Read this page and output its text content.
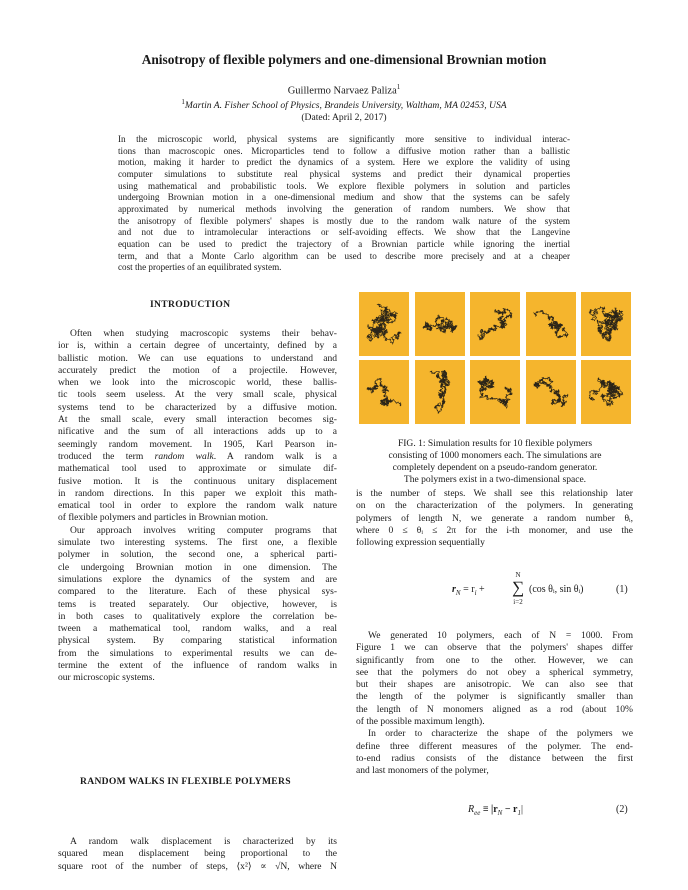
Anisotropy of flexible polymers and one-dimensional Brownian motion
Guillermo Narvaez Paliza$^1$
$^1$Martin A. Fisher School of Physics, Brandeis University, Waltham, MA 02453, USA
(Dated: April 2, 2017)
In the microscopic world, physical systems are significantly more sensitive to individual interac-
tions than macroscopic ones. Microparticles tend to follow a diffusive motion rather than a ballistic
motion, making it harder to predict the dynamics of a system. Here we explore the validity of using
computer simulations to substitute real physical systems and predict their dynamical properties
using mathematical and probabilistic tools. We explore flexible polymers in solution and particles
undergoing Brownian motion in a one-dimensional medium and show that the systems can be safely
approximated by numerical methods involving the generation of random numbers. We show that
the anisotropy of flexible polymers' shapes is mostly due to the random walk nature of the system
and not due to intramolecular interactions or self-avoiding effects. We show that the Langevine
equation can be used to predict the trajectory of a Brownian particle while ignoring the inertial
term, and that a Monte Carlo algorithm can be used to describe more precisely and at a cheaper
cost the properties of an equilibrated system.
INTRODUCTION
Often when studying macroscopic systems their behav-
ior is, within a certain degree of uncertainty, defined by a
ballistic motion. We can use equations to understand and
accurately predict the motion of a projectile. However,
when we look into the microscopic world, these ballis-
tic tools seem useless. At the very small scale, physical
systems tend to be characterized by a diffusive motion.
At the small scale, every small interaction becomes sig-
nificative and the sum of all interactions adds up to a
seemingly random movement. In 1905, Karl Pearson in-
troduced the term random walk. A random walk is a
mathematical tool used to approximate or simulate dif-
fusive motion. It is the continuous unitary displacement
in random directions. In this paper we exploit this math-
ematical tool in order to explore the random walk nature
of flexible polymers and particles in Brownian motion.
Our approach involves writing computer programs that
simulate two interesting systems. The first one, a flexible
polymer in solution, the second one, a spherical parti-
cle undergoing Brownian motion in one dimension. The
simulations explore the dynamics of the system and are
compared to the literature. Each of these physical sys-
tems is treated separately. Our objective, however, is
in both cases to qualitatively explore the correlation be-
tween a mathematical tool, random walks, and a real
physical system. By comparing statistical information
from the simulations to experimental results we can de-
termine the extent of the influence of random walks in
our microscopic systems.
RANDOM WALKS IN FLEXIBLE POLYMERS
A random walk displacement is characterized by its
squared mean displacement being proportional to the
square root of the number of steps, ⟨x²⟩ ∝ √N, where N
FIG. 1: Simulation results for 10 flexible polymers
consisting of 1000 monomers each. The simulations are
completely dependent on a pseudo-random generator.
The polymers exist in a two-dimensional space.
is the number of steps. We shall see this relationship later
on on the characterization of the polymers. In generating
polymers of length N, we generate a random number θᵢ,
where 0 ≤ θᵢ ≤ 2π for the i-th monomer, and use the
following expression sequentially
$r_N = r_i$ +
N
∑
i=2
(cos θᵢ, sin θᵢ)	(1)
We generated 10 polymers, each of N = 1000. From
Figure 1 we can observe that the polymers' shapes differ
significantly from one to the other. However, we can
see that the polymers do not obey a spherical symmetry,
but their shapes are anisotropic. We can also see that
the length of the polymer is significantly smaller than
the length of N monomers aligned as a rod (about 10%
of the possible maximum length).
In order to characterize the shape of the polymers we
define three different measures of the polymer. The end-
to-end radius consists of the distance between the first
and last monomers of the polymer,
$R_{ee} \equiv |r_N - r_1|$	(2)
